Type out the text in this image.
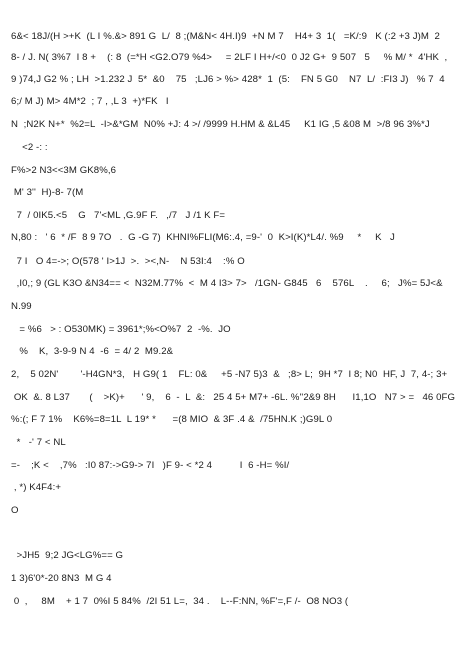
6&< 18J/(H >+K  (L I %.&> 891 G  L/  8 ;(M&N< 4H.I)9  +N M 7    H4+ 3  1(   =K/:9   K (:2 +3 J)M  2
8- / J. N( 3%7  I 8 +    (: 8  (=*H <G2.O79 %4>     = 2LF I H+/<0  0 J2 G+  9 507   5     % M/ *  4'HK  ,
9 )74,J G2 % ; LH  >1.232 J  5*  &0    75   ;LJ6 > %> 428*  1  (5:    FN 5 G0    N7  L/  :FI3 J)   % 7  4
6;/ M J) M> 4M*2  ; 7 , ,L 3  +)*FK   I
N  ;N2K N+*  %2=L  -I>&*GM  N0% +J: 4 >/ /9999 H.HM & &L45     K1 IG ,5 &08 M  >/8 96 3%*J
<2 -: :
F%>2 N3<<3M GK8%,6
M' 3''  H)-8- 7(M
7  / 0IK5.<5    G   7'<ML ,G.9F F.   ,/7   J /1 K F=
N,80 :   ' 6  * /F  8 9 7O   .  G -G 7)  KHNI%FLI(M6:.4, =9-'  0  K>I(K)*L4/. %9     *     K   J
7 I   O 4=->; O(578 ' I>1J  >.  ><,N-    N 53I:4    :% O
,I0,; 9 (GL K3O &N34== <  N32M.77%  <  M 4 I3> 7>   /1GN- G845   6    576L    .     6;   J%= 5J<&
N.99
= %6   > : O530MK) = 3961*;%<O%7  2  -%.  JO
%    K,  3-9-9 N 4  -6  = 4/ 2  M9.2&
2,    5 02N'        '-H4GN*3,   H G9( 1    FL: 0&     +5 -N7 5)3  &   ;8> L;  9H *7  I 8; N0  HF, J  7, 4-; 3+
OK  &. 8 L37       (    >K)+      ' 9,    6  -  L  &:   25 4 5+ M7+ -6L. %''2&9 8H      I1,1O   N7 > =   46 0FG
%:(; F 7 1%    K6%=8=1L  L 19* *      =(8 MIO  & 3F .4 &  /75HN.K ;)G9L 0
*   -' 7 < NL
=-    ;K <    ,7%   :I0 87:->G9-> 7I   )F 9- < *2 4          I  6 -H= %I/
, *) K4F4:+
O
>JH5  9;2 JG<LG%== G
1 3)6'0*-20 8N3  M G 4
0  ,     8M    + 1 7  0%I 5 84%  /2I 51 L=,  34 .    L--F:NN, %F'=,F /-  O8 NO3 (
